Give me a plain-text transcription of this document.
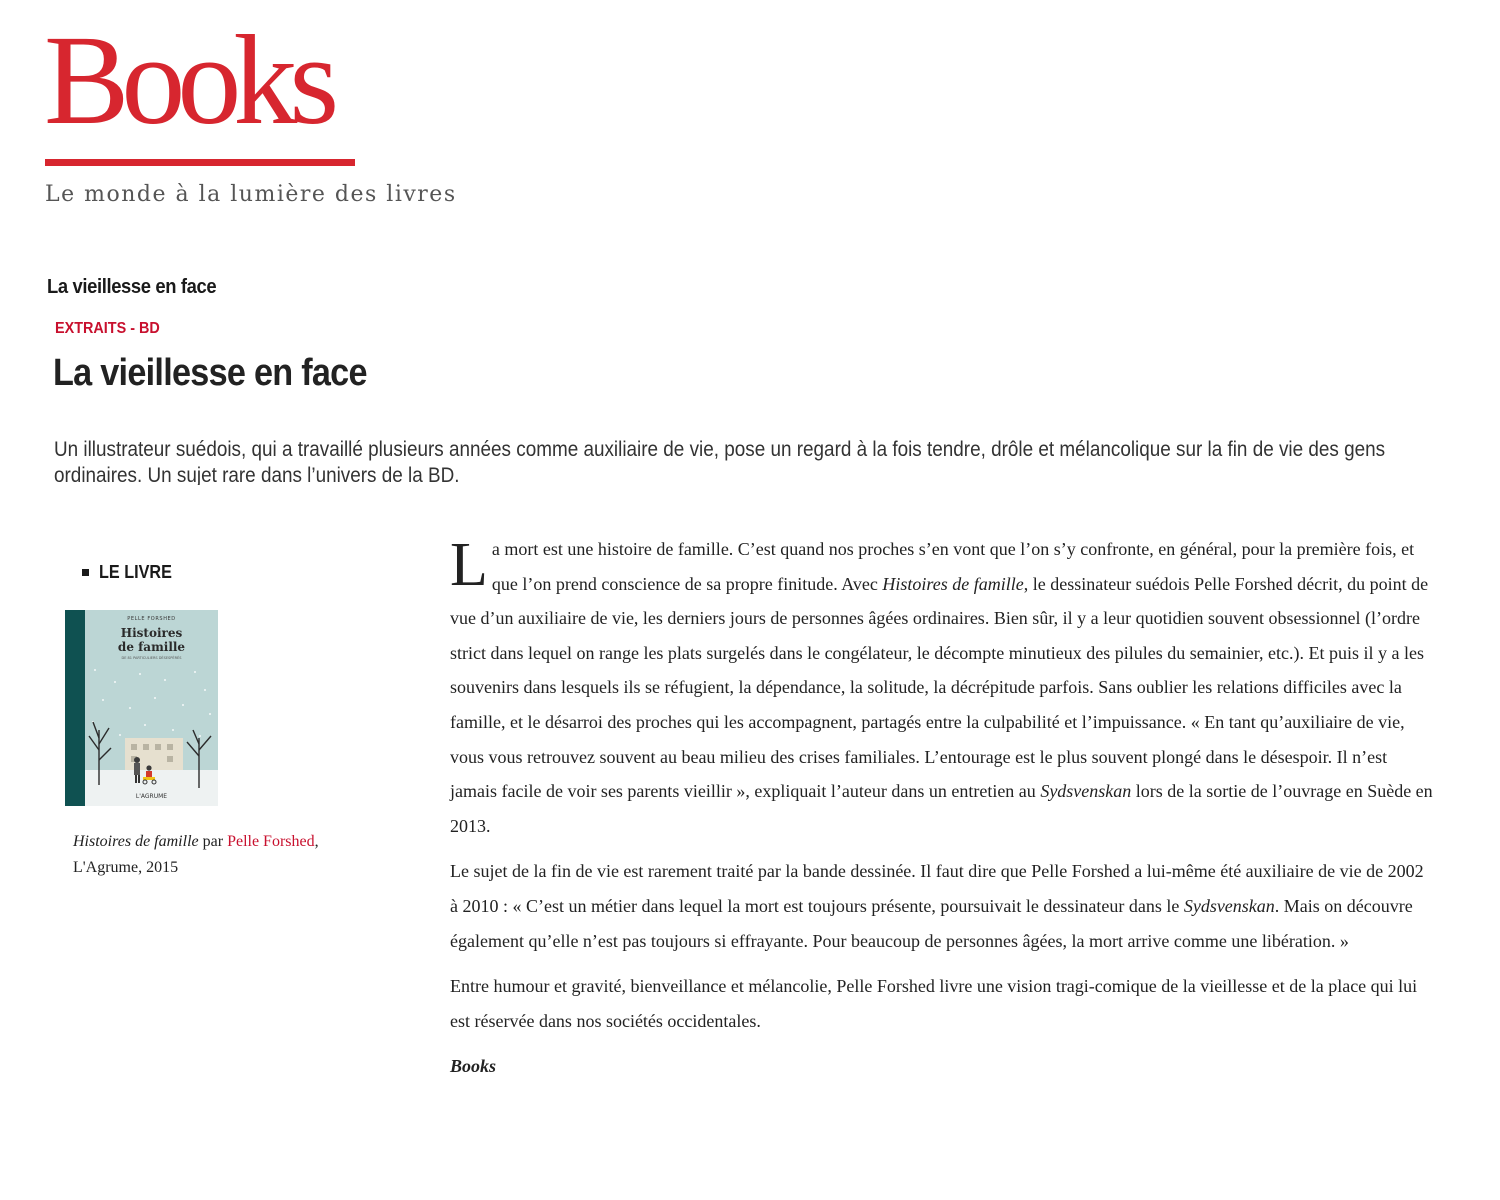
Books
Le monde à la lumière des livres
La vieillesse en face
EXTRAITS - BD
La vieillesse en face

Un illustrateur suédois, qui a travaillé plusieurs années comme auxiliaire de vie, pose un regard à la fois tendre, drôle et mélancolique sur la fin de vie des gens ordinaires. Un sujet rare dans l’univers de la BD.

LE LIVRE
PELLE FORSHED
Histoires
de famille
DE 81 PARTICULIERS DÉSESPÉRÉS
L'AGRUME

Histoires de famille par Pelle Forshed,
L'Agrume, 2015

La mort est une histoire de famille. C’est quand nos proches s’en vont que l’on s’y confronte, en général, pour la première fois, et que l’on prend conscience de sa propre finitude. Avec Histoires de famille, le dessinateur suédois Pelle Forshed décrit, du point de vue d’un auxiliaire de vie, les derniers jours de personnes âgées ordinaires. Bien sûr, il y a leur quotidien souvent obsessionnel (l’ordre strict dans lequel on range les plats surgelés dans le congélateur, le décompte minutieux des pilules du semainier, etc.). Et puis il y a les souvenirs dans lesquels ils se réfugient, la dépendance, la solitude, la décrépitude parfois. Sans oublier les relations difficiles avec la famille, et le désarroi des proches qui les accompagnent, partagés entre la culpabilité et l’impuissance. « En tant qu’auxiliaire de vie, vous vous retrouvez souvent au beau milieu des crises familiales. L’entourage est le plus souvent plongé dans le désespoir. Il n’est jamais facile de voir ses parents vieillir », expliquait l’auteur dans un entretien au Sydsvenskan lors de la sortie de l’ouvrage en Suède en 2013.

Le sujet de la fin de vie est rarement traité par la bande dessinée. Il faut dire que Pelle Forshed a lui-même été auxiliaire de vie de 2002 à 2010 : « C’est un métier dans lequel la mort est toujours présente, poursuivait le dessinateur dans le Sydsvenskan. Mais on découvre également qu’elle n’est pas toujours si effrayante. Pour beaucoup de personnes âgées, la mort arrive comme une libération. »

Entre humour et gravité, bienveillance et mélancolie, Pelle Forshed livre une vision tragi-comique de la vieillesse et de la place qui lui est réservée dans nos sociétés occidentales.

Books
